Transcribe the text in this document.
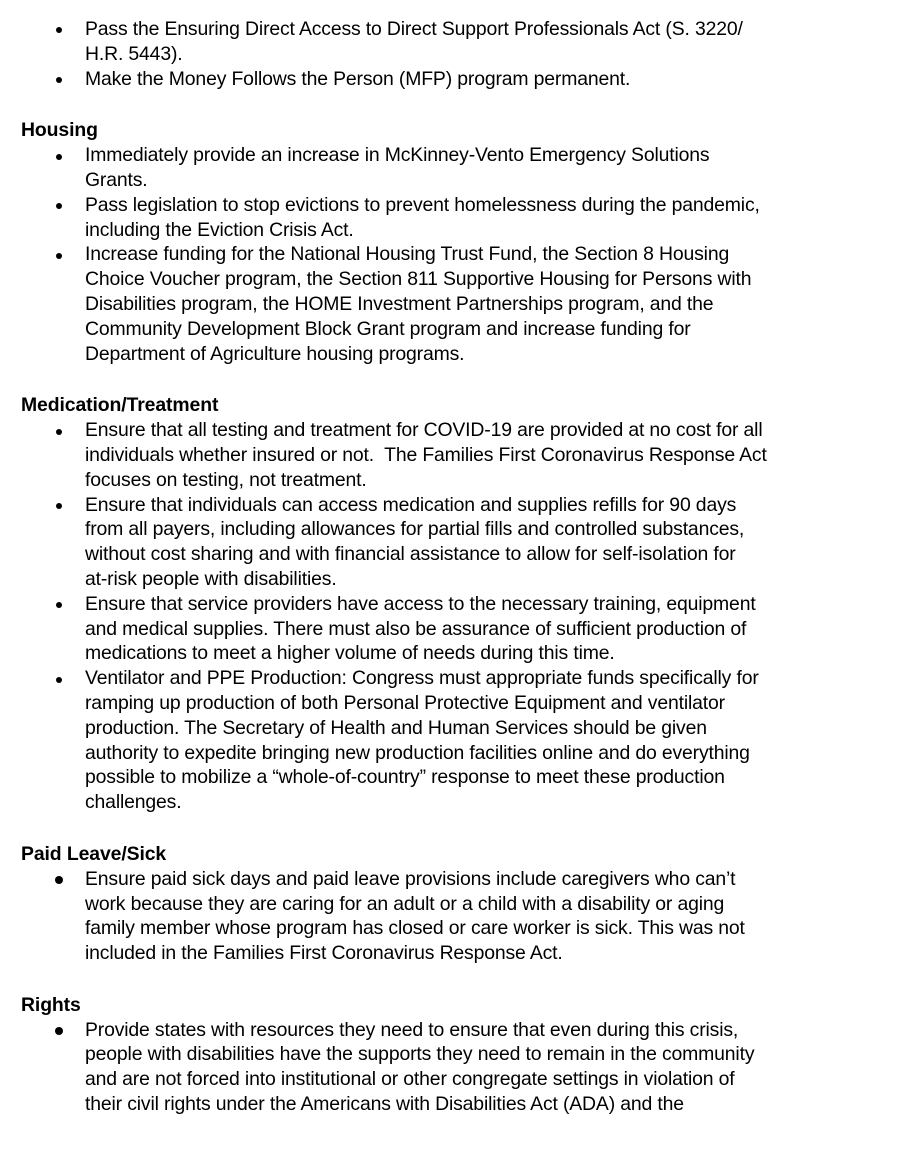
Pass the Ensuring Direct Access to Direct Support Professionals Act (S. 3220/
H.R. 5443).
Make the Money Follows the Person (MFP) program permanent.
Housing
Immediately provide an increase in McKinney-Vento Emergency Solutions
Grants.
Pass legislation to stop evictions to prevent homelessness during the pandemic,
including the Eviction Crisis Act.
Increase funding for the National Housing Trust Fund, the Section 8 Housing
Choice Voucher program, the Section 811 Supportive Housing for Persons with
Disabilities program, the HOME Investment Partnerships program, and the
Community Development Block Grant program and increase funding for
Department of Agriculture housing programs.
Medication/Treatment
Ensure that all testing and treatment for COVID-19 are provided at no cost for all
individuals whether insured or not.  The Families First Coronavirus Response Act
focuses on testing, not treatment.
Ensure that individuals can access medication and supplies refills for 90 days
from all payers, including allowances for partial fills and controlled substances,
without cost sharing and with financial assistance to allow for self-isolation for
at-risk people with disabilities.
Ensure that service providers have access to the necessary training, equipment
and medical supplies. There must also be assurance of sufficient production of
medications to meet a higher volume of needs during this time.
Ventilator and PPE Production: Congress must appropriate funds specifically for
ramping up production of both Personal Protective Equipment and ventilator
production. The Secretary of Health and Human Services should be given
authority to expedite bringing new production facilities online and do everything
possible to mobilize a “whole-of-country” response to meet these production
challenges.
Paid Leave/Sick
Ensure paid sick days and paid leave provisions include caregivers who can’t
work because they are caring for an adult or a child with a disability or aging
family member whose program has closed or care worker is sick. This was not
included in the Families First Coronavirus Response Act.
Rights
Provide states with resources they need to ensure that even during this crisis,
people with disabilities have the supports they need to remain in the community
and are not forced into institutional or other congregate settings in violation of
their civil rights under the Americans with Disabilities Act (ADA) and the
